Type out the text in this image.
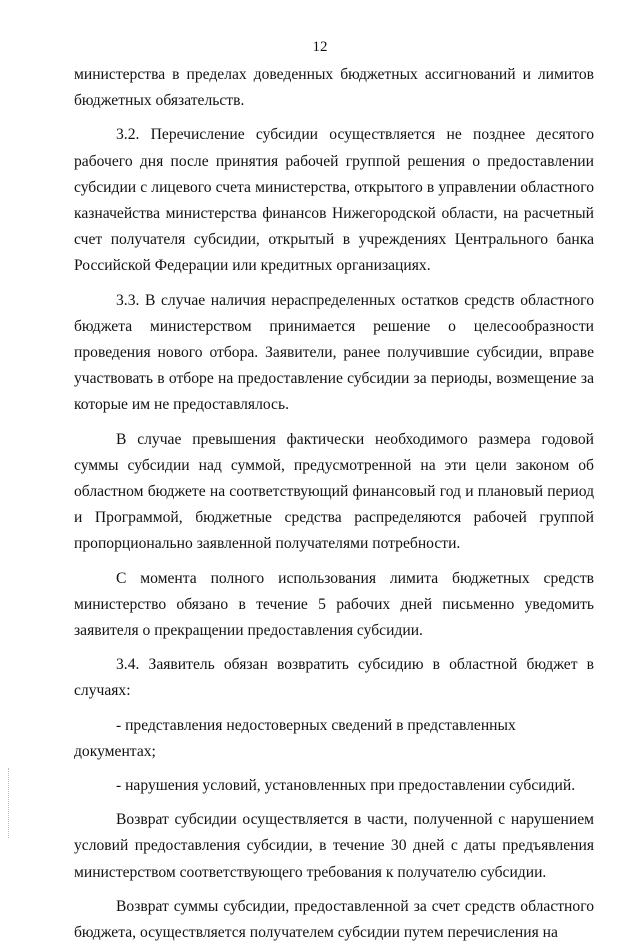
12

министерства в пределах доведенных бюджетных ассигнований и лимитов бюджетных обязательств.

3.2. Перечисление субсидии осуществляется не позднее десятого рабочего дня после принятия рабочей группой решения о предоставлении субсидии с лицевого счета министерства, открытого в управлении областного казначейства министерства финансов Нижегородской области, на расчетный счет получателя субсидии, открытый в учреждениях Центрального банка Российской Федерации или кредитных организациях.

3.3. В случае наличия нераспределенных остатков средств областного бюджета министерством принимается решение о целесообразности проведения нового отбора. Заявители, ранее получившие субсидии, вправе участвовать в отборе на предоставление субсидии за периоды, возмещение за которые им не предоставлялось.

В случае превышения фактически необходимого размера годовой суммы субсидии над суммой, предусмотренной на эти цели законом об областном бюджете на соответствующий финансовый год и плановый период и Программой, бюджетные средства распределяются рабочей группой пропорционально заявленной получателями потребности.

С момента полного использования лимита бюджетных средств министерство обязано в течение 5 рабочих дней письменно уведомить заявителя о прекращении предоставления субсидии.

3.4. Заявитель обязан возвратить субсидию в областной бюджет в случаях:

- представления недостоверных сведений в представленных документах;

- нарушения условий, установленных при предоставлении субсидий.

Возврат субсидии осуществляется в части, полученной с нарушением условий предоставления субсидии, в течение 30 дней с даты предъявления министерством соответствующего требования к получателю субсидии.

Возврат суммы субсидии, предоставленной за счет средств областного бюджета, осуществляется получателем субсидии путем перечисления на
